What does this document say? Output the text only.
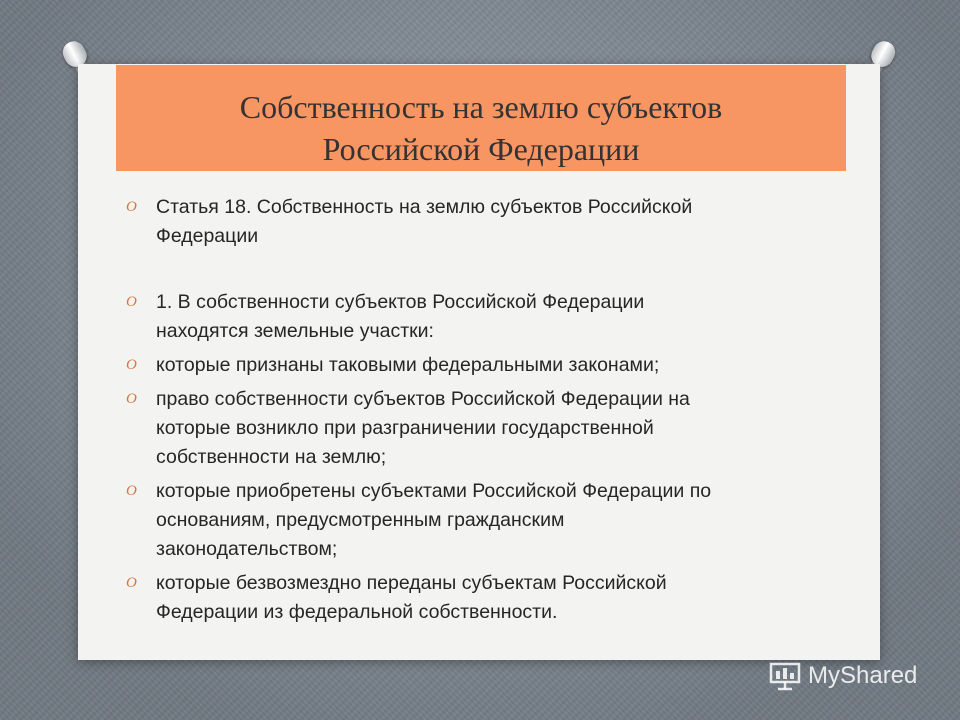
Собственность на землю субъектов
Российской Федерации
O Статья 18. Собственность на землю субъектов Российской
Федерации
O 1. В собственности субъектов Российской Федерации
находятся земельные участки:
O которые признаны таковыми федеральными законами;
O право собственности субъектов Российской Федерации на
которые возникло при разграничении государственной
собственности на землю;
O которые приобретены субъектами Российской Федерации по
основаниям, предусмотренным гражданским
законодательством;
O которые безвозмездно переданы субъектам Российской
Федерации из федеральной собственности.
MyShared
